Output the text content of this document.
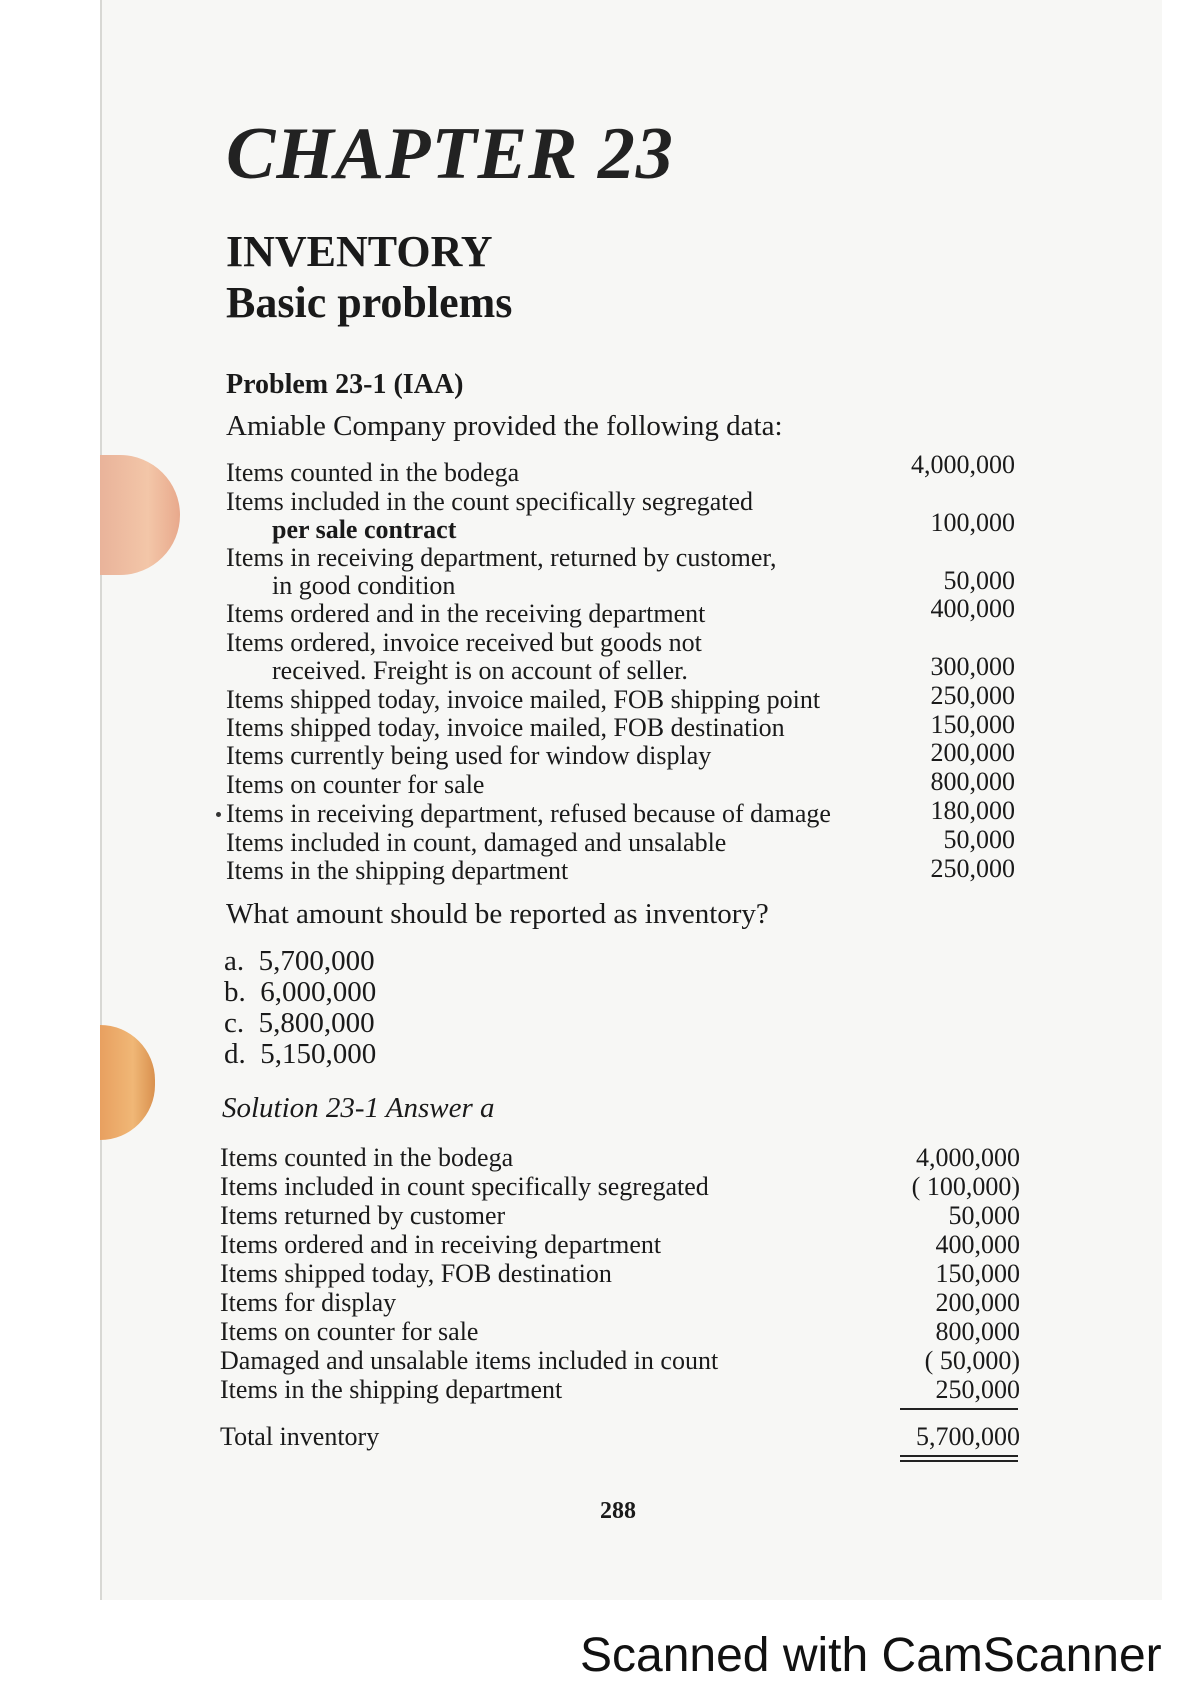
CHAPTER 23
INVENTORY
Basic problems
Problem 23-1 (IAA)
Amiable Company provided the following data:
Items counted in the bodega	4,000,000
Items included in the count specifically segregated
per sale contract	100,000
Items in receiving department, returned by customer,
in good condition	50,000
Items ordered and in the receiving department	400,000
Items ordered, invoice received but goods not
received. Freight is on account of seller.	300,000
Items shipped today, invoice mailed, FOB shipping point	250,000
Items shipped today, invoice mailed, FOB destination	150,000
Items currently being used for window display	200,000
Items on counter for sale	800,000
Items in receiving department, refused because of damage	180,000
Items included in count, damaged and unsalable	50,000
Items in the shipping department	250,000
What amount should be reported as inventory?
a. 5,700,000
b. 6,000,000
c. 5,800,000
d. 5,150,000
Solution 23-1 Answer a
Items counted in the bodega	4,000,000
Items included in count specifically segregated	( 100,000)
Items returned by customer	50,000
Items ordered and in receiving department	400,000
Items shipped today, FOB destination	150,000
Items for display	200,000
Items on counter for sale	800,000
Damaged and unsalable items included in count	( 50,000)
Items in the shipping department	250,000
Total inventory	5,700,000
288
Scanned with CamScanner
